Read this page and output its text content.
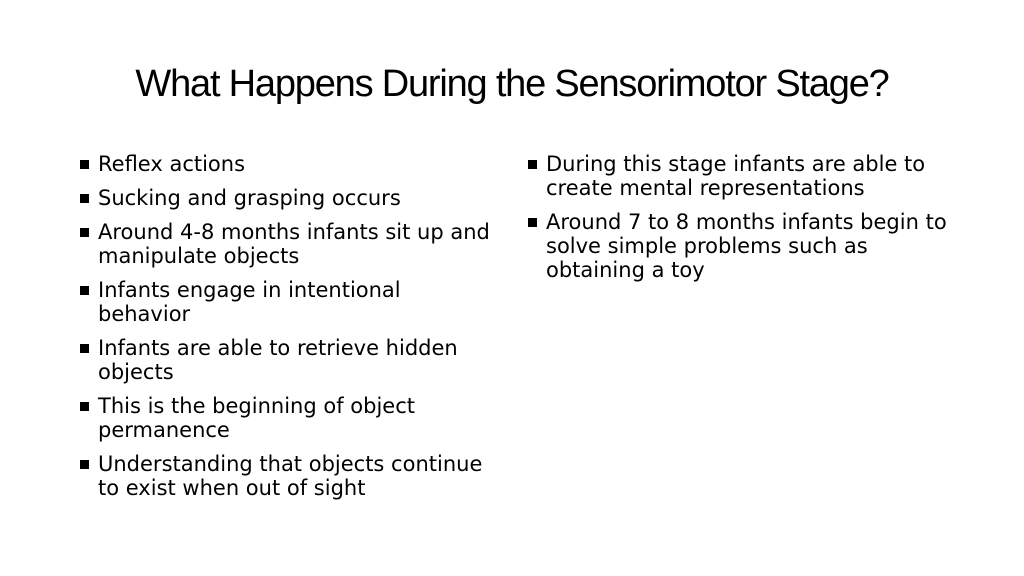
What Happens During the Sensorimotor Stage?
Reflex actions
Sucking and grasping occurs
Around 4-8 months infants sit up and manipulate objects
Infants engage in intentional behavior
Infants are able to retrieve hidden objects
This is the beginning of object permanence
Understanding that objects continue to exist when out of sight
During this stage infants are able to create mental representations
Around 7 to 8 months infants begin to solve simple problems such as obtaining a toy
